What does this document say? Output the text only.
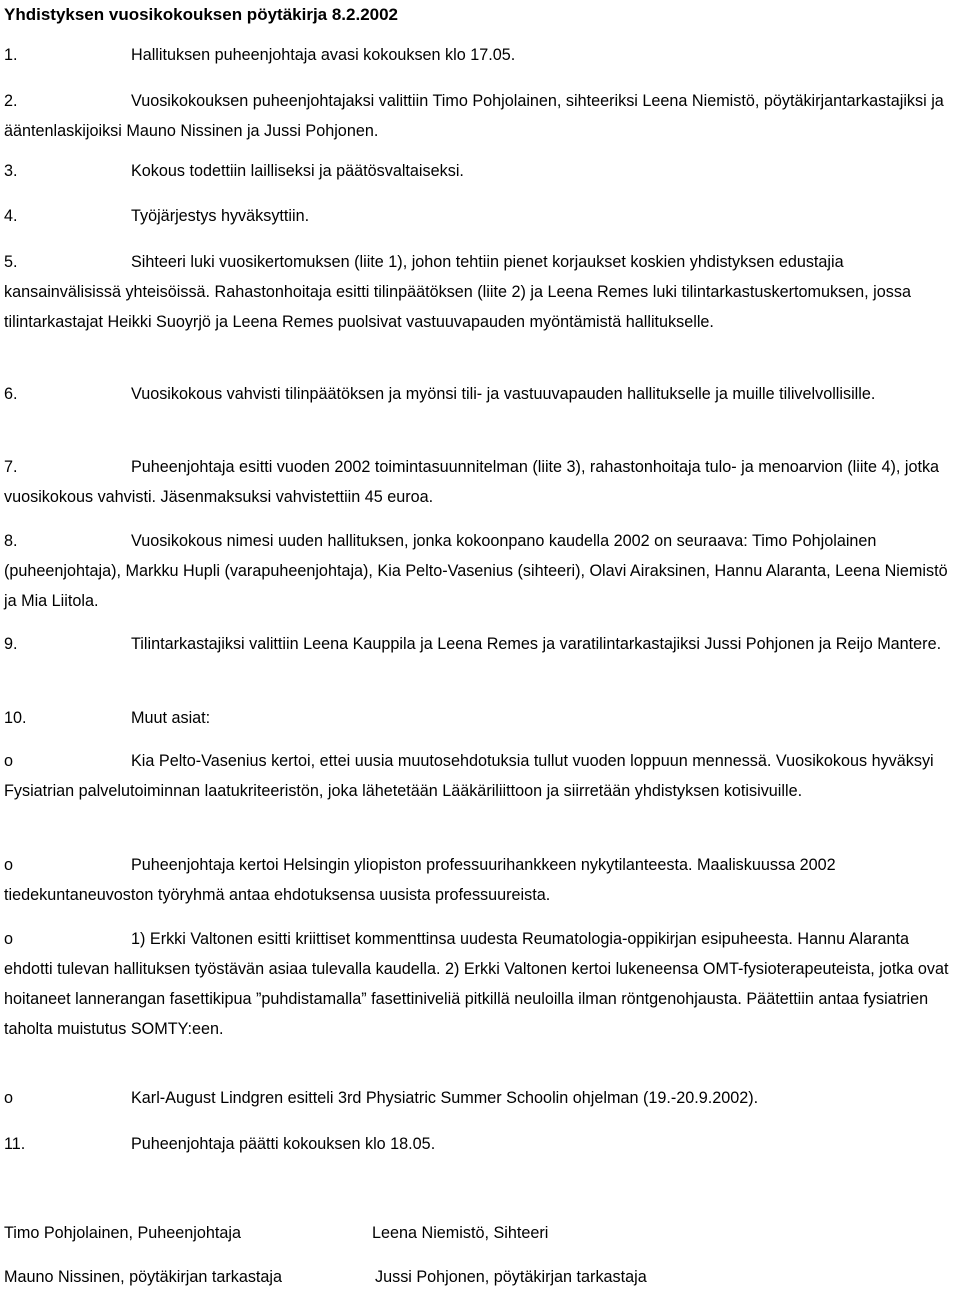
Yhdistyksen vuosikokouksen pöytäkirja 8.2.2002
1.	Hallituksen puheenjohtaja avasi kokouksen klo 17.05.
2.	Vuosikokouksen puheenjohtajaksi valittiin Timo Pohjolainen, sihteeriksi Leena Niemistö, pöytäkirjantarkastajiksi ja ääntenlaskijoiksi Mauno Nissinen ja Jussi Pohjonen.
3.	Kokous todettiin lailliseksi ja päätösvaltaiseksi.
4.	Työjärjestys hyväksyttiin.
5.	Sihteeri luki vuosikertomuksen (liite 1), johon tehtiin pienet korjaukset koskien yhdistyksen edustajia kansainvälisissä yhteisöissä. Rahastonhoitaja esitti tilinpäätöksen (liite 2) ja Leena Remes luki tilintarkastuskertomuksen, jossa tilintarkastajat Heikki Suoyrjö ja Leena Remes puolsivat vastuuvapauden myöntämistä hallitukselle.
6.	Vuosikokous vahvisti tilinpäätöksen ja myönsi tili- ja vastuuvapauden hallitukselle ja muille tilivelvollisille.
7.	Puheenjohtaja esitti vuoden 2002 toimintasuunnitelman (liite 3), rahastonhoitaja tulo- ja menoarvion (liite 4), jotka vuosikokous vahvisti. Jäsenmaksuksi vahvistettiin 45 euroa.
8.	Vuosikokous nimesi uuden hallituksen, jonka kokoonpano kaudella 2002 on seuraava: Timo Pohjolainen (puheenjohtaja), Markku Hupli (varapuheenjohtaja), Kia Pelto-Vasenius (sihteeri), Olavi Airaksinen, Hannu Alaranta, Leena Niemistö ja Mia Liitola.
9.	Tilintarkastajiksi valittiin Leena Kauppila ja Leena Remes ja varatilintarkastajiksi Jussi Pohjonen ja Reijo Mantere.
10.	Muut asiat:
o	Kia Pelto-Vasenius kertoi, ettei uusia muutosehdotuksia tullut vuoden loppuun mennessä. Vuosikokous hyväksyi Fysiatrian palvelutoiminnan laatukriteeristön, joka lähetetään Lääkäriliittoon ja siirretään yhdistyksen kotisivuille.
o	Puheenjohtaja kertoi Helsingin yliopiston professuurihankkeen nykytilanteesta. Maaliskuussa 2002 tiedekuntaneuvoston työryhmä antaa ehdotuksensa uusista professuureista.
o	1) Erkki Valtonen esitti kriittiset kommenttinsa uudesta Reumatologia-oppikirjan esipuheesta. Hannu Alaranta ehdotti tulevan hallituksen työstävän asiaa tulevalla kaudella. 2) Erkki Valtonen kertoi lukeneensa OMT-fysioterapeuteista, jotka ovat hoitaneet lannerangan fasettikipua ”puhdistamalla” fasettiniveliä pitkillä neuloilla ilman röntgenohjausta. Päätettiin antaa fysiatrien taholta muistutus SOMTY:een.
o	Karl-August Lindgren esitteli 3rd Physiatric Summer Schoolin ohjelman (19.-20.9.2002).
11.	Puheenjohtaja päätti kokouksen klo 18.05.
Timo Pohjolainen, Puheenjohtaja	Leena Niemistö, Sihteeri
Mauno Nissinen, pöytäkirjan tarkastaja	Jussi Pohjonen, pöytäkirjan tarkastaja
